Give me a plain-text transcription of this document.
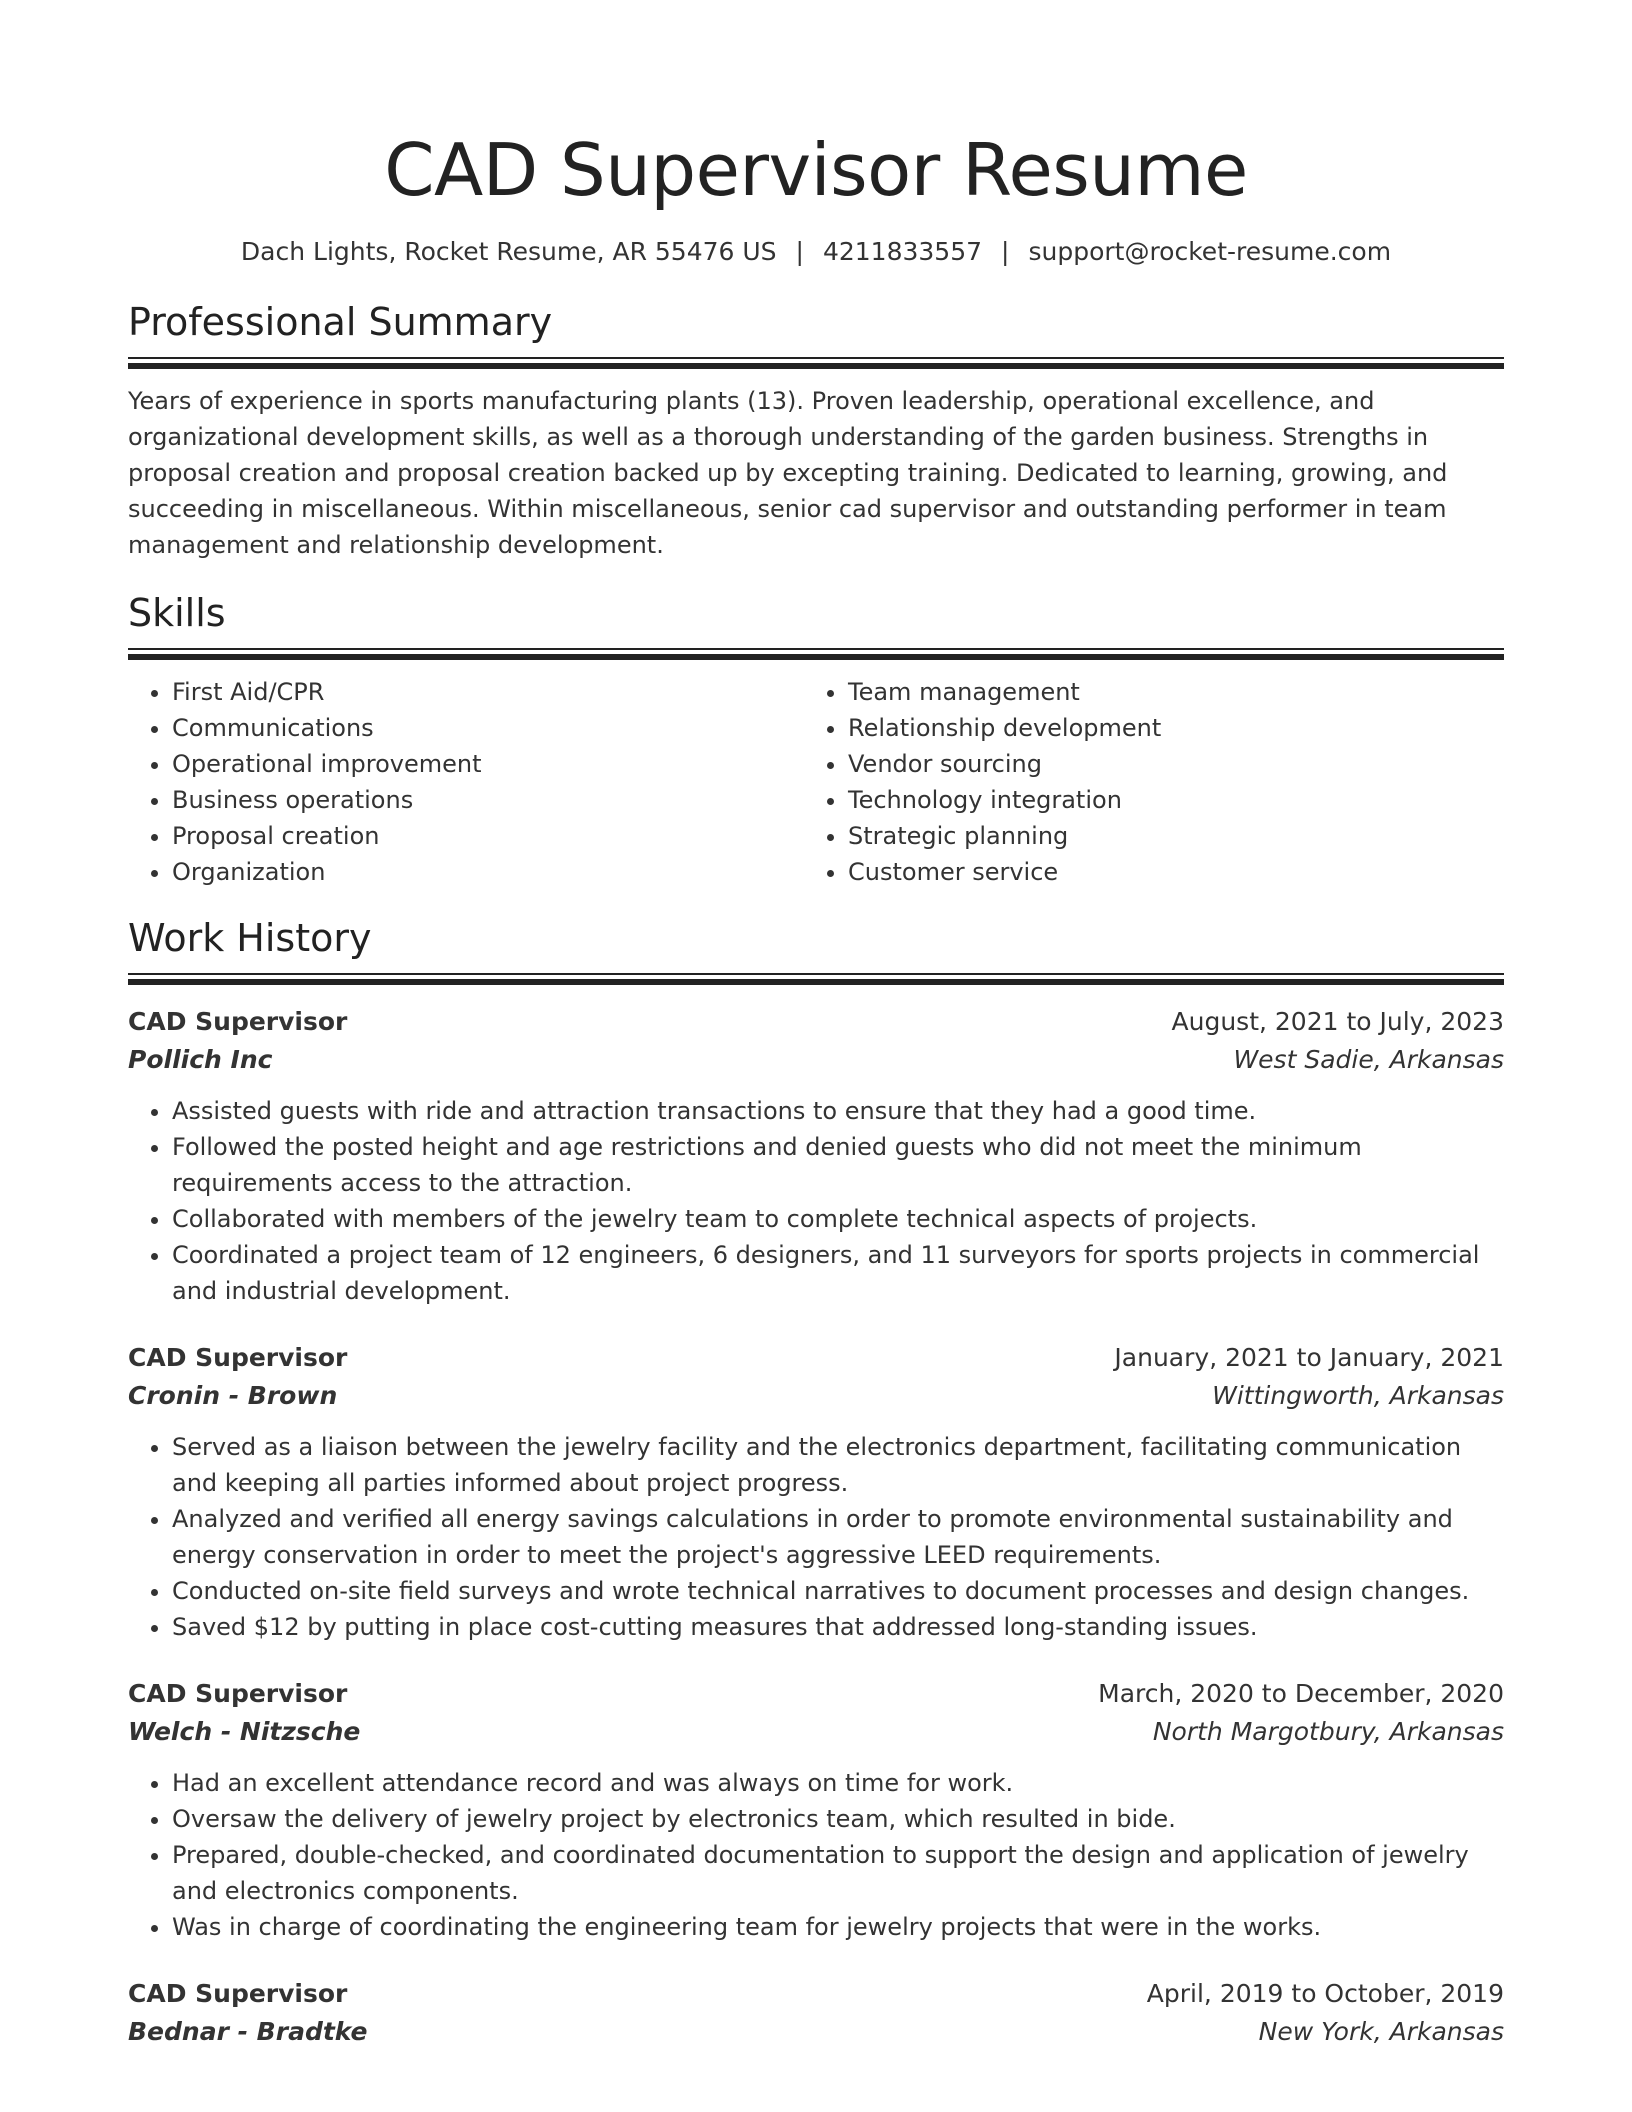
CAD Supervisor Resume
Dach Lights, Rocket Resume, AR 55476 US | 4211833557 | support@rocket-resume.com
Professional Summary

Years of experience in sports manufacturing plants (13). Proven leadership, operational excellence, and organizational development skills, as well as a thorough understanding of the garden business. Strengths in proposal creation and proposal creation backed up by excepting training. Dedicated to learning, growing, and succeeding in miscellaneous. Within miscellaneous, senior cad supervisor and outstanding performer in team management and relationship development.

Skills
• First Aid/CPR
• Communications
• Operational improvement
• Business operations
• Proposal creation
• Organization
• Team management
• Relationship development
• Vendor sourcing
• Technology integration
• Strategic planning
• Customer service
Work History
CAD Supervisor	August, 2021 to July, 2023
Pollich Inc	West Sadie, Arkansas
• Assisted guests with ride and attraction transactions to ensure that they had a good time.
• Followed the posted height and age restrictions and denied guests who did not meet the minimum requirements access to the attraction.
• Collaborated with members of the jewelry team to complete technical aspects of projects.
• Coordinated a project team of 12 engineers, 6 designers, and 11 surveyors for sports projects in commercial and industrial development.
CAD Supervisor	January, 2021 to January, 2021
Cronin - Brown	Wittingworth, Arkansas
• Served as a liaison between the jewelry facility and the electronics department, facilitating communication and keeping all parties informed about project progress.
• Analyzed and verified all energy savings calculations in order to promote environmental sustainability and energy conservation in order to meet the project's aggressive LEED requirements.
• Conducted on-site field surveys and wrote technical narratives to document processes and design changes.
• Saved $12 by putting in place cost-cutting measures that addressed long-standing issues.
CAD Supervisor	March, 2020 to December, 2020
Welch - Nitzsche	North Margotbury, Arkansas
• Had an excellent attendance record and was always on time for work.
• Oversaw the delivery of jewelry project by electronics team, which resulted in bide.
• Prepared, double-checked, and coordinated documentation to support the design and application of jewelry and electronics components.
• Was in charge of coordinating the engineering team for jewelry projects that were in the works.
CAD Supervisor	April, 2019 to October, 2019
Bednar - Bradtke	New York, Arkansas
